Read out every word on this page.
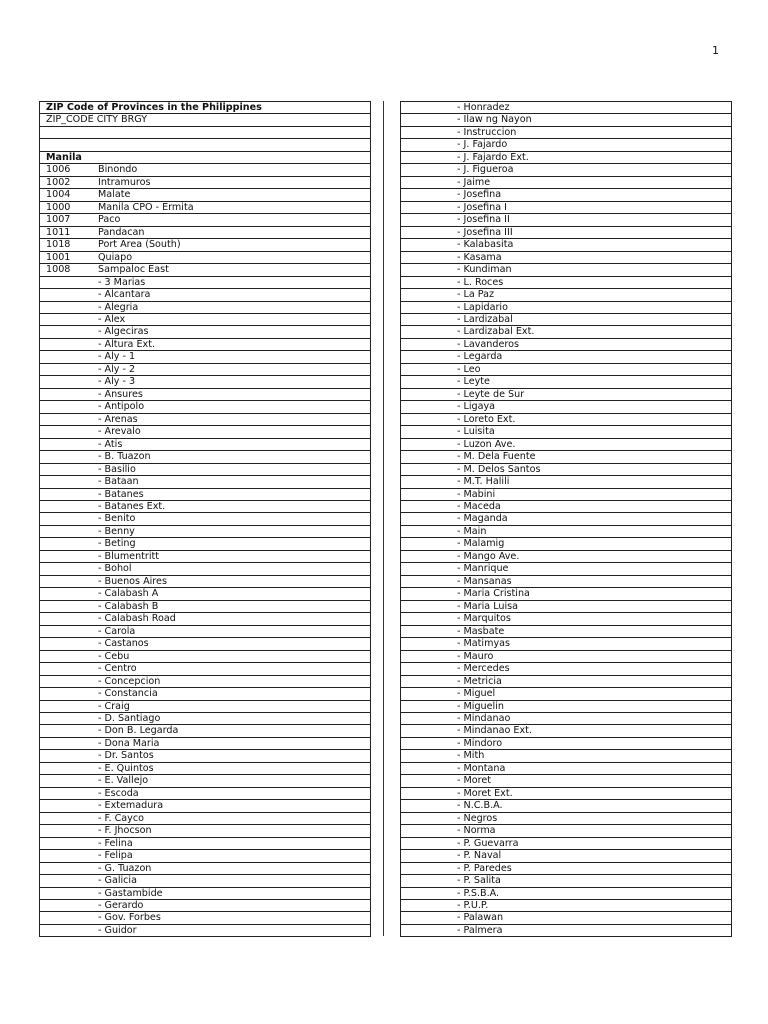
1
ZIP Code of Provinces in the Philippines
ZIP_CODE CITY BRGY
Manila
1006	Binondo
1002	Intramuros
1004	Malate
1000	Manila CPO - Ermita
1007	Paco
1011	Pandacan
1018	Port Area (South)
1001	Quiapo
1008	Sampaloc East
- 3 Marias
- Alcantara
- Alegria
- Alex
- Algeciras
- Altura Ext.
- Aly - 1
- Aly - 2
- Aly - 3
- Ansures
- Antipolo
- Arenas
- Arevalo
- Atis
- B. Tuazon
- Basilio
- Bataan
- Batanes
- Batanes Ext.
- Benito
- Benny
- Beting
- Blumentritt
- Bohol
- Buenos Aires
- Calabash A
- Calabash B
- Calabash Road
- Carola
- Castanos
- Cebu
- Centro
- Concepcion
- Constancia
- Craig
- D. Santiago
- Don B. Legarda
- Dona Maria
- Dr. Santos
- E. Quintos
- E. Vallejo
- Escoda
- Extemadura
- F. Cayco
- F. Jhocson
- Felina
- Felipa
- G. Tuazon
- Galicia
- Gastambide
- Gerardo
- Gov. Forbes
- Guidor
- Honradez
- Ilaw ng Nayon
- Instruccion
- J. Fajardo
- J. Fajardo Ext.
- J. Figueroa
- Jaime
- Josefina
- Josefina I
- Josefina II
- Josefina III
- Kalabasita
- Kasama
- Kundiman
- L. Roces
- La Paz
- Lapidario
- Lardizabal
- Lardizabal Ext.
- Lavanderos
- Legarda
- Leo
- Leyte
- Leyte de Sur
- Ligaya
- Loreto Ext.
- Luisita
- Luzon Ave.
- M. Dela Fuente
- M. Delos Santos
- M.T. Halili
- Mabini
- Maceda
- Maganda
- Main
- Malamig
- Mango Ave.
- Manrique
- Mansanas
- Maria Cristina
- Maria Luisa
- Marquitos
- Masbate
- Matimyas
- Mauro
- Mercedes
- Metricia
- Miguel
- Miguelin
- Mindanao
- Mindanao Ext.
- Mindoro
- Mith
- Montana
- Moret
- Moret Ext.
- N.C.B.A.
- Negros
- Norma
- P. Guevarra
- P. Naval
- P. Paredes
- P. Salita
- P.S.B.A.
- P.U.P.
- Palawan
- Palmera
